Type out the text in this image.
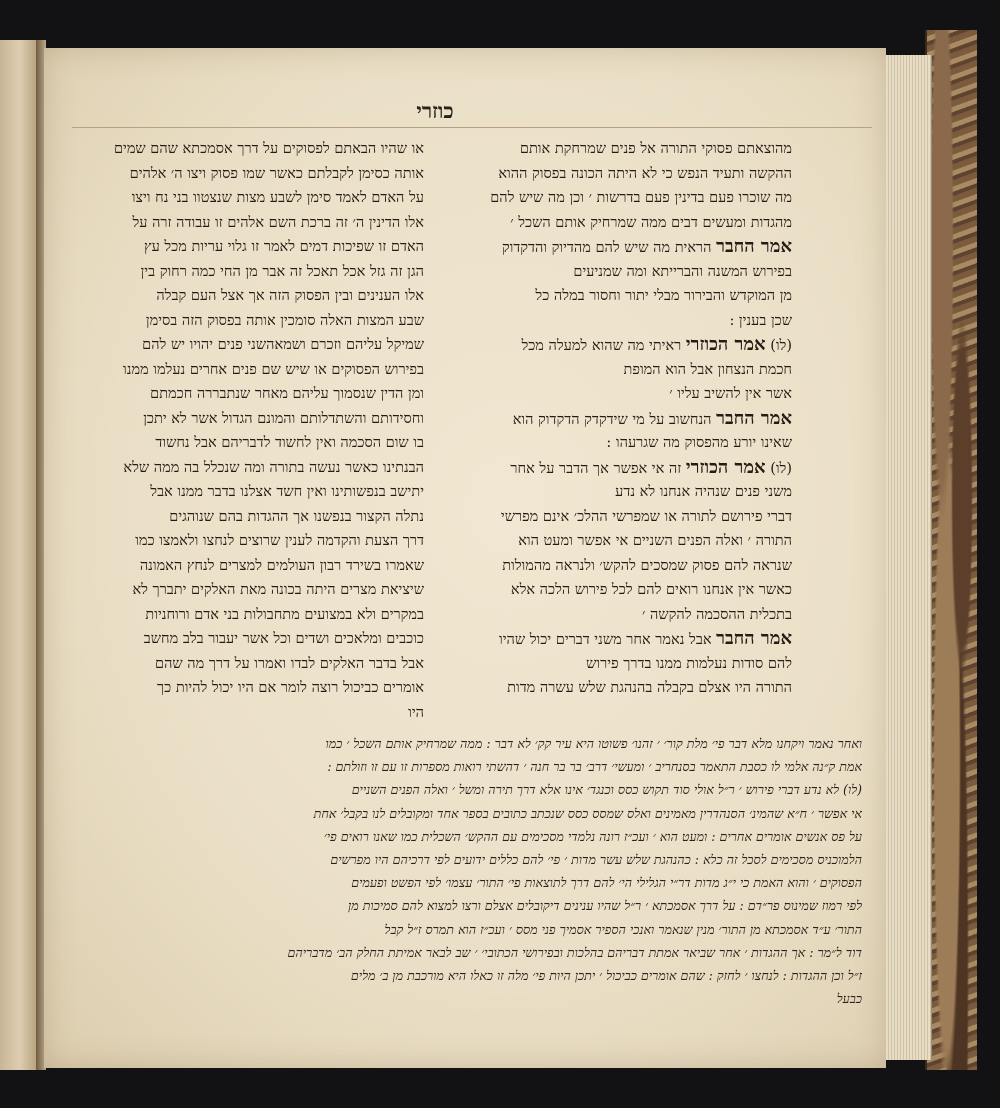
כוזרי
מהוצאתם פסוקי התורה אל פנים שמרחקת אותם
ההקשה ותעיד הנפש כי לא היתה הכונה בפסוק ההוא
מה שוכרו פעם בדינין פעם בדרשות ׳ וכן מה שיש להם
מהגדות ומעשים דבים ממה שמרחיק אותם השכל ׳
אמר החבר הראית מה שיש להם מהדיוק והדקדוק
בפירוש המשנה והברייתא ומה שמניעים
מן המוקדש והבירור מבלי יתור וחסור במלה כל
שכן בענין :
(לו) אמר הכוזרי ראיתי מה שהוא למעלה מכל
חכמת הנצחון אבל הוא המופת
אשר אין להשיב עליו ׳
אמר החבר הנחשוב על מי שידקדק הדקדוק הוא
שאינו יורע מהפסוק מה שגרעהו :
(לו) אמר הכוזרי זה אי אפשר אך הדבר על אחר
משני פנים שנהיה אנחנו לא נדע
דברי פירושם לתורה או שמפרשי ההלכ׳ אינם מפרשי
התורה ׳ ואלה הפנים השניים אי אפשר ומעט הוא
שנראה להם פסוק שמסכים להקש׳ ולנראה מהמולות
כאשר אין אנחנו רואים להם לכל פירוש הלכה אלא
בתכלית ההסכמה להקשה ׳
אמר החבר אבל נאמר אחר משני דברים יכול שהיו
להם סודות נעלמות ממנו בדרך פירוש
התורה היו אצלם בקבלה בהנהגת שלש עשרה מדות
או שהיו הבאתם לפסוקים על דרך אסמכתא שהם שמים
אותה כסימן לקבלתם כאשר שמו פסוק ויצו ה׳ אלהים
על האדם לאמד סימן לשבע מצות שנצטוו בני נח ויצו
אלו הדינין ה׳ זה ברכת השם אלהים זו עבודה זרה על
האדם זו שפיכות דמים לאמר זו גלוי עריות מכל עץ
הגן זה גזל אכל תאכל זה אבר מן החי כמה רחוק בין
אלו הענינים ובין הפסוק הזה אך אצל העם קבלה
שבע המצות האלה סומכין אותה בפסוק הזה בסימן
שמיקל עליהם וזכרם ושמאהשני פנים יהויו יש להם
בפירוש הפסוקים או שיש שם פנים אחרים נעלמו ממנו
ומן הדין שנסמוך עליהם מאחר שנתבררה חכמתם
וחסידותם והשתדלותם והמונם הגדול אשר לא יתכן
בו שום הסכמה ואין לחשוד לדבריהם אבל נחשוד
הבנתינו כאשר נעשה בתורה ומה שנכלל בה ממה שלא
יתישב בנפשותינו ואין חשד אצלנו בדבר ממנו אבל
נתלה הקצור בנפשנו אך ההגדות בהם שנוהגים
דרך הצעת והקדמה לענין שרוצים לנחצו ולאמצו כמו
שאמרו בשירד רבון העולמים למצרים לנחץ האמונה
שיציאת מצרים היתה בכונה מאת האלקים יתברך לא
במקרים ולא במצועים מתחבולות בני אדם ורוחניות
כוכבים ומלאכים ושדים וכל אשר יעבור בלב מחשב
אבל בדבר האלקים לבדו ואמרו על דרך מה שהם
אומרים כביכול רוצה לומר אם היו יכול להיות כך
היו
ואחר נאמר ויקחנו מלא דבר פי׳ מלת קור׳ ׳ זהנו׳ פשוטו היא עיר קק׳ לא דבר : ממה שמרחיק אותם השכל ׳ כמו
אמת ק״נה אלמי לו כסבת התאמר בסנחריב ׳ ומעשי׳ דרב׳ בר בר חנה ׳ דהשתי רואות מספרות זו עם זו וזולתם :
(לו) לא נדע דברי פירוש ׳ ר״ל אולי סוד תקוש כסס וכנגד׳ אינו אלא דרך תירה ומשל ׳ ואלה הפנים השניים
אי אפשר ׳ ח״א שהמינ׳ הסנהדרין מאמינים ואלס שמסס כסס שנכתב כתובים בספר אחד ומקובלים לנו בקבל׳ אחת
על פס אנשים אומרים אחרים : ומעט הוא ׳ ועכ״ז רונה נלמדי מסכימים עם ההקש׳ השכלית כמו שאנו רואים פי׳
הלמוכניס מסכימים לסכל זה כלא : כהנהגת שלש עשר מדות ׳ פי׳ להם כללים ידועים לפי דרכיהם היו מפרשים
הפסוקים ׳ והוא האמת כי י״ג מדות דר״י הגלילי הי׳ להם דרך לתוצאות פי׳ התור׳ עצמו׳ לפי הפשט ופעמים
לפי רמוז שמינוס פר״דם : על דרך אסמכתא ׳ ר״ל שהיו ענינים דיקובלים אצלם ורצו למצוא להם סמיכות מן
התור׳ ע״ד אסמכתא מן התור׳ מנין שנאמר ואנכי הספיר אסמיך פני מסס ׳ ועכ״ז הוא תמרס ז״ל קבל
דוד ל״מר : אך ההגדות ׳ אחר שביאר אמתת דבריהם בהלכות ובפירושי הכתובי׳ ׳ שב לבאר אמיתת החלק הב׳ מדבריהם
ז״ל וכן ההגדות : לנחצו ׳ לחזק : שהם אומרים כביכול ׳ יתכן היות פי׳ מלה זו כאלו היא מורכבת מן ב׳ מלים
כבעל
